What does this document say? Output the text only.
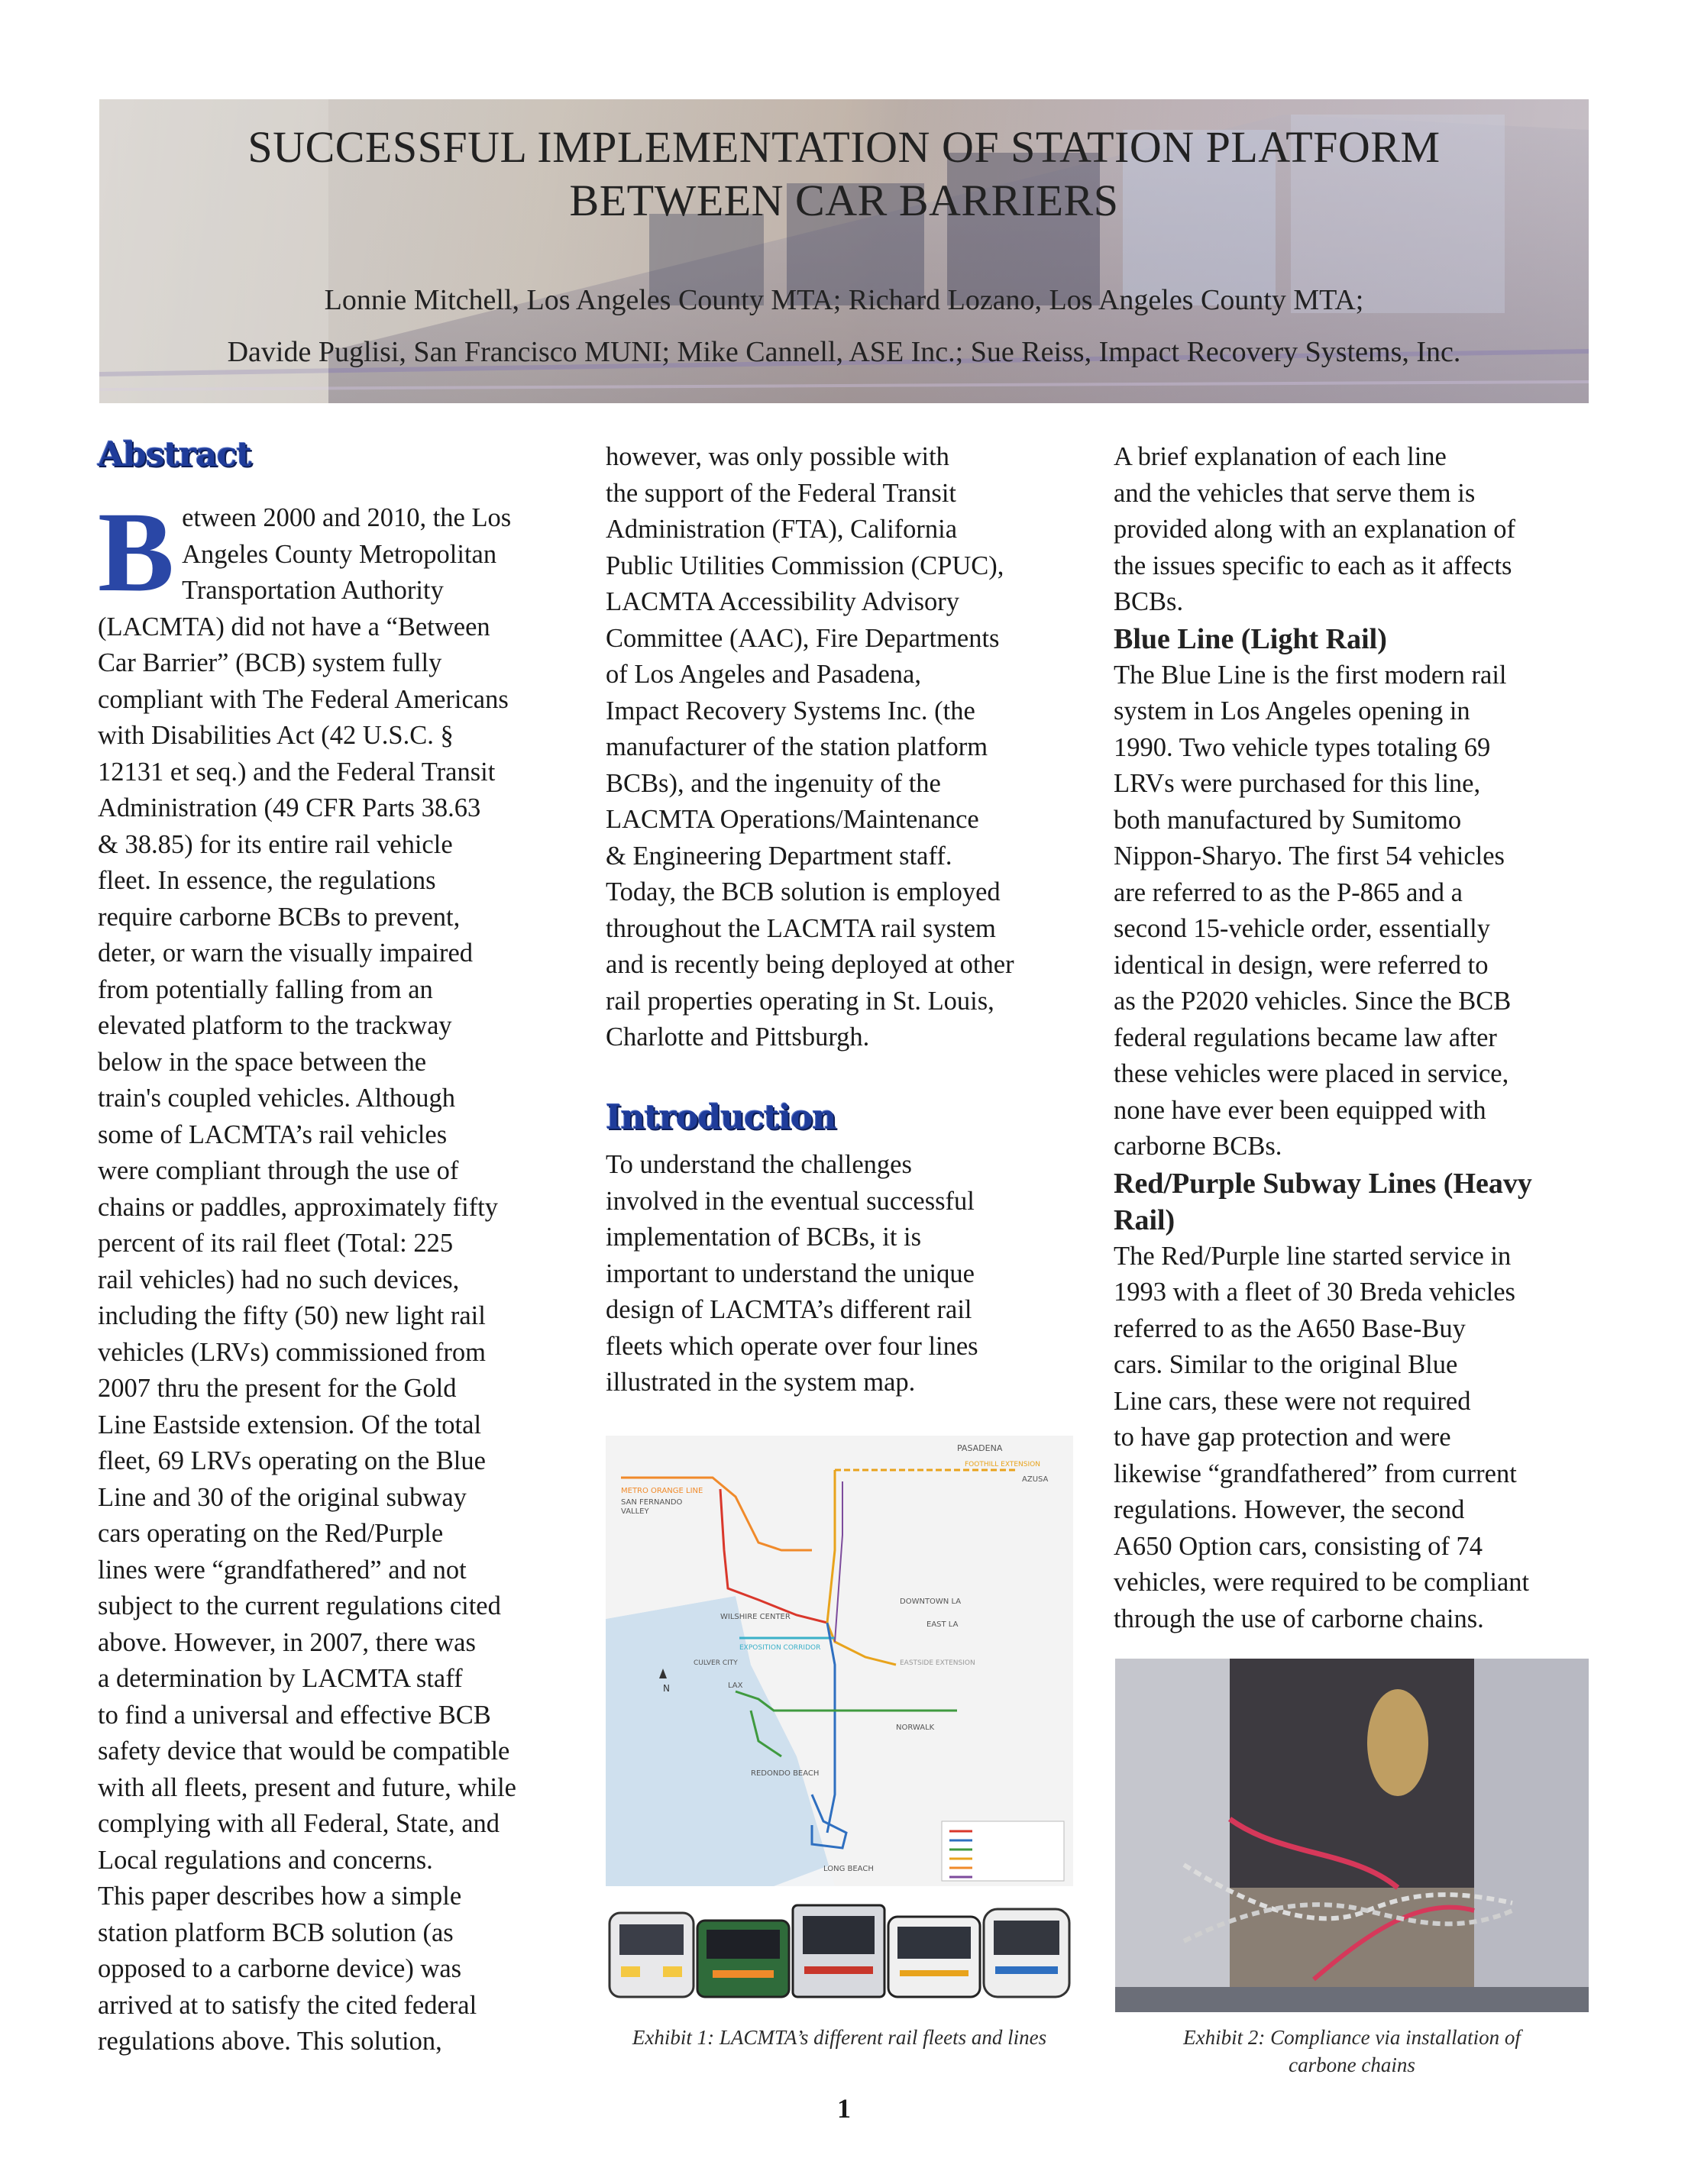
SUCCESSFUL IMPLEMENTATION OF STATION PLATFORM
BETWEEN CAR BARRIERS
Lonnie Mitchell, Los Angeles County MTA; Richard Lozano, Los Angeles County MTA;
Davide Puglisi, San Francisco MUNI; Mike Cannell, ASE Inc.; Sue Reiss, Impact Recovery Systems, Inc.
Abstract
B etween 2000 and 2010, the Los
Angeles County Metropolitan
Transportation Authority
(LACMTA) did not have a “Between
Car Barrier” (BCB) system fully
compliant with The Federal Americans
with Disabilities Act (42 U.S.C. §
12131 et seq.) and the Federal Transit
Administration (49 CFR Parts 38.63
& 38.85) for its entire rail vehicle
fleet. In essence, the regulations
require carborne BCBs to prevent,
deter, or warn the visually impaired
from potentially falling from an
elevated platform to the trackway
below in the space between the
train's coupled vehicles. Although
some of LACMTA’s rail vehicles
were compliant through the use of
chains or paddles, approximately fifty
percent of its rail fleet (Total: 225
rail vehicles) had no such devices,
including the fifty (50) new light rail
vehicles (LRVs) commissioned from
2007 thru the present for the Gold
Line Eastside extension. Of the total
fleet, 69 LRVs operating on the Blue
Line and 30 of the original subway
cars operating on the Red/Purple
lines were “grandfathered” and not
subject to the current regulations cited
above. However, in 2007, there was
a determination by LACMTA staff
to find a universal and effective BCB
safety device that would be compatible
with all fleets, present and future, while
complying with all Federal, State, and
Local regulations and concerns.
This paper describes how a simple
station platform BCB solution (as
opposed to a carborne device) was
arrived at to satisfy the cited federal
regulations above. This solution,
however, was only possible with
the support of the Federal Transit
Administration (FTA), California
Public Utilities Commission (CPUC),
LACMTA Accessibility Advisory
Committee (AAC), Fire Departments
of Los Angeles and Pasadena,
Impact Recovery Systems Inc. (the
manufacturer of the station platform
BCBs), and the ingenuity of the
LACMTA Operations/Maintenance
& Engineering Department staff.
Today, the BCB solution is employed
throughout the LACMTA rail system
and is recently being deployed at other
rail properties operating in St. Louis,
Charlotte and Pittsburgh.
Introduction
To understand the challenges
involved in the eventual successful
implementation of BCBs, it is
important to understand the unique
design of LACMTA’s different rail
fleets which operate over four lines
illustrated in the system map.
N
PASADENA
FOOTHILL EXTENSION
AZUSA
METRO ORANGE LINE
SAN FERNANDO
VALLEY
WILSHIRE CENTER
DOWNTOWN LA
EAST LA
EASTSIDE EXTENSION
EXPOSITION CORRIDOR
CULVER CITY
LAX
NORWALK
REDONDO BEACH
LONG BEACH
Exhibit 1: LACMTA’s different rail fleets and lines
A brief explanation of each line
and the vehicles that serve them is
provided along with an explanation of
the issues specific to each as it affects
BCBs.
Blue Line (Light Rail)
The Blue Line is the first modern rail
system in Los Angeles opening in
1990. Two vehicle types totaling 69
LRVs were purchased for this line,
both manufactured by Sumitomo
Nippon-Sharyo. The first 54 vehicles
are referred to as the P-865 and a
second 15-vehicle order, essentially
identical in design, were referred to
as the P2020 vehicles. Since the BCB
federal regulations became law after
these vehicles were placed in service,
none have ever been equipped with
carborne BCBs.
Red/Purple Subway Lines (Heavy
Rail)
The Red/Purple line started service in
1993 with a fleet of 30 Breda vehicles
referred to as the A650 Base-Buy
cars. Similar to the original Blue
Line cars, these were not required
to have gap protection and were
likewise “grandfathered” from current
regulations. However, the second
A650 Option cars, consisting of 74
vehicles, were required to be compliant
through the use of carborne chains.
Exhibit 2: Compliance via installation of
carbone chains
1
